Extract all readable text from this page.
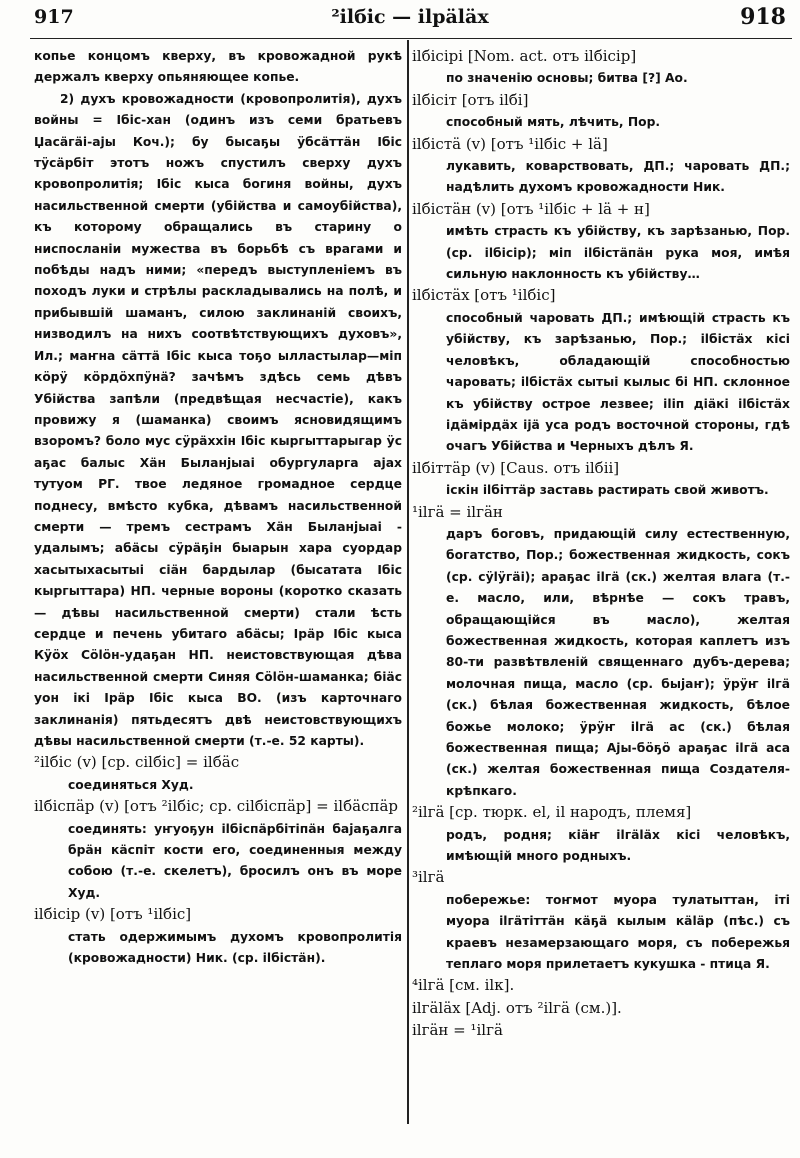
917	²ilбіс — ilрäläх	918

копье концомъ кверху, въ кровожадной рукѣ держалъ кверху опьяняющее копье.

2) духъ кровожадности (кровопролитія), духъ войны = Ібіс-хан (одинъ изъ семи братьевъ Џасäгäі-аjы Коч.); бу бысаҕы ӱбсäттäн Ібіс тӱсäрбіт этотъ ножъ спустилъ сверху духъ кровопролитія; Ібіс кыса богиня войны, духъ насильственной смерти (убійства и самоубійства), къ которому обращались въ старину о ниспосланіи мужества въ борьбѣ съ врагами и побѣды надъ ними; «передъ выступленіемъ въ походъ луки и стрѣлы раскладывались на полѣ, и прибывшій шаманъ, силою заклинаній своихъ, низводилъ на нихъ соотвѣтствующихъ духовъ», Ил.; маҥна сäттä Ібіс кыса тоҕо ылластылар—міп кӧрӱ кӧрдӧхпӱнä? зачѣмъ здѣсь семь дѣвъ Убійства запѣли (предвѣщая несчастіе), какъ провижу я (шаманка) своимъ ясновидящимъ взоромъ? боло мус сӱрäххін Ібіс кыргыттарыгар ӱс аҕас балыс Хäн Быланјыаі обургуларга аjах тутуом РГ. твое ледяное громадное сердце поднесу, вмѣсто кубка, дѣвамъ насильственной смерти — тремъ сестрамъ Хäн Быланјыаі - удалымъ; абäсы сӱрäҕін быарын хара суордар хасытыхасытыі сіäн бардылар (бысатата Ібіс кыргыттара) НП. черные вороны (коротко сказать — дѣвы насильственной смерти) стали ѣсть сердце и печень убитаго абäсы; Ірäр Ібіс кыса Кӱӧх Сӧlӧн-удаҕан НП. неистовствующая дѣва насильственной смерти Синяя Сӧlӧн-шаманка; біäс уон ікі Ірäр Ібіс кыса ВО. (изъ карточнаго заклинанія) пятьдесятъ двѣ неистовствующихъ дѣвы насильственной смерти (т.-е. 52 карты).

²ilбіс (v) [ср. cilбіс] = ilбäс

соединяться Худ.

ilбіспäр (v) [отъ ²ilбіс; ср. cilбіспäр] = ilбäспäр

соединять: уҥуоҕун ilбіспäрбітіпäн бајаҕалга брäн кäспіт кости его, соединенныя между собою (т.-е. скелетъ), бросилъ онъ въ море Худ.

ilбісір (v) [отъ ¹ilбіс]

стать одержимымъ духомъ кровопролитія (кровожадности) Ник. (ср. ilбістäн).

ilбісірі [Nom. act. отъ ilбісір]

по значенію основы; битва [?] Ao.

ilбісіт [отъ ilбі]

способный мять, лѣчить, Пор.

ilбістä (v) [отъ ¹ilбіс + lä]

лукавить, коварствовать, ДП.; чаровать ДП.; надѣлить духомъ кровожадности Ник.

ilбістäн (v) [отъ ¹ilбіс + lä + н]

имѣть страсть къ убійству, къ зарѣзанью, Пор. (ср. ilбісір); міп ilбістäпäн рука моя, имѣя сильную наклонность къ убійству…

ilбістäх [отъ ¹ilбіс]

способный чаровать ДП.; имѣющій страсть къ убійству, къ зарѣзанью, Пор.; ilбістäх кісі человѣкъ, обладающій способностью чаровать; ilбістäх сытыі кылыс бі НП. склонное къ убійству острое лезвее; ilіп діäкі ilбістäх ідäмірдäх іjä уса родъ восточной стороны, гдѣ очагъ Убійства и Черныхъ дѣлъ Я.

ilбіттäр (v) [Caus. отъ ilбіі]

іскін ilбіттäр заставь растирать свой животъ.

¹ilгä = ilгäн

даръ боговъ, придающій силу естественную, богатство, Пор.; божественная жидкость, сокъ (ср. сӱlӱгäі); араҕас ilгä (ск.) желтая влага (т.-е. масло, или, вѣрнѣе — сокъ травъ, обращающійся въ масло), желтая божественная жидкость, которая каплетъ изъ 80-ти развѣтвленій священнаго дубъ-дерева; молочная пища, масло (ср. быјаҥ); ӱрӱҥ ilгä (ск.) бѣлая божественная жидкость, бѣлое божье молоко; ӱрӱҥ ilгä ас (ск.) бѣлая божественная пища; Аjы-бӧҕӧ араҕас ilгä аса (ск.) желтая божественная пища Создателя-крѣпкаго.

²ilгä [ср. тюрк. el, il народъ, племя]

родъ, родня; кіäҥ ilгäläх кісі человѣкъ, имѣющій много родныхъ.

³ilгä

побережье: тоҥмот муора тулатыттан, ітi муора ilгäтіттäн кäҕä кылым кäläр (пѣс.) съ краевъ незамерзающаго моря, съ побережья теплаго моря прилетаетъ кукушка - птица Я.

⁴ilгä [см. ilк].

ilгäläх [Adj. отъ ²ilгä (см.)].

ilгäн = ¹ilгä
